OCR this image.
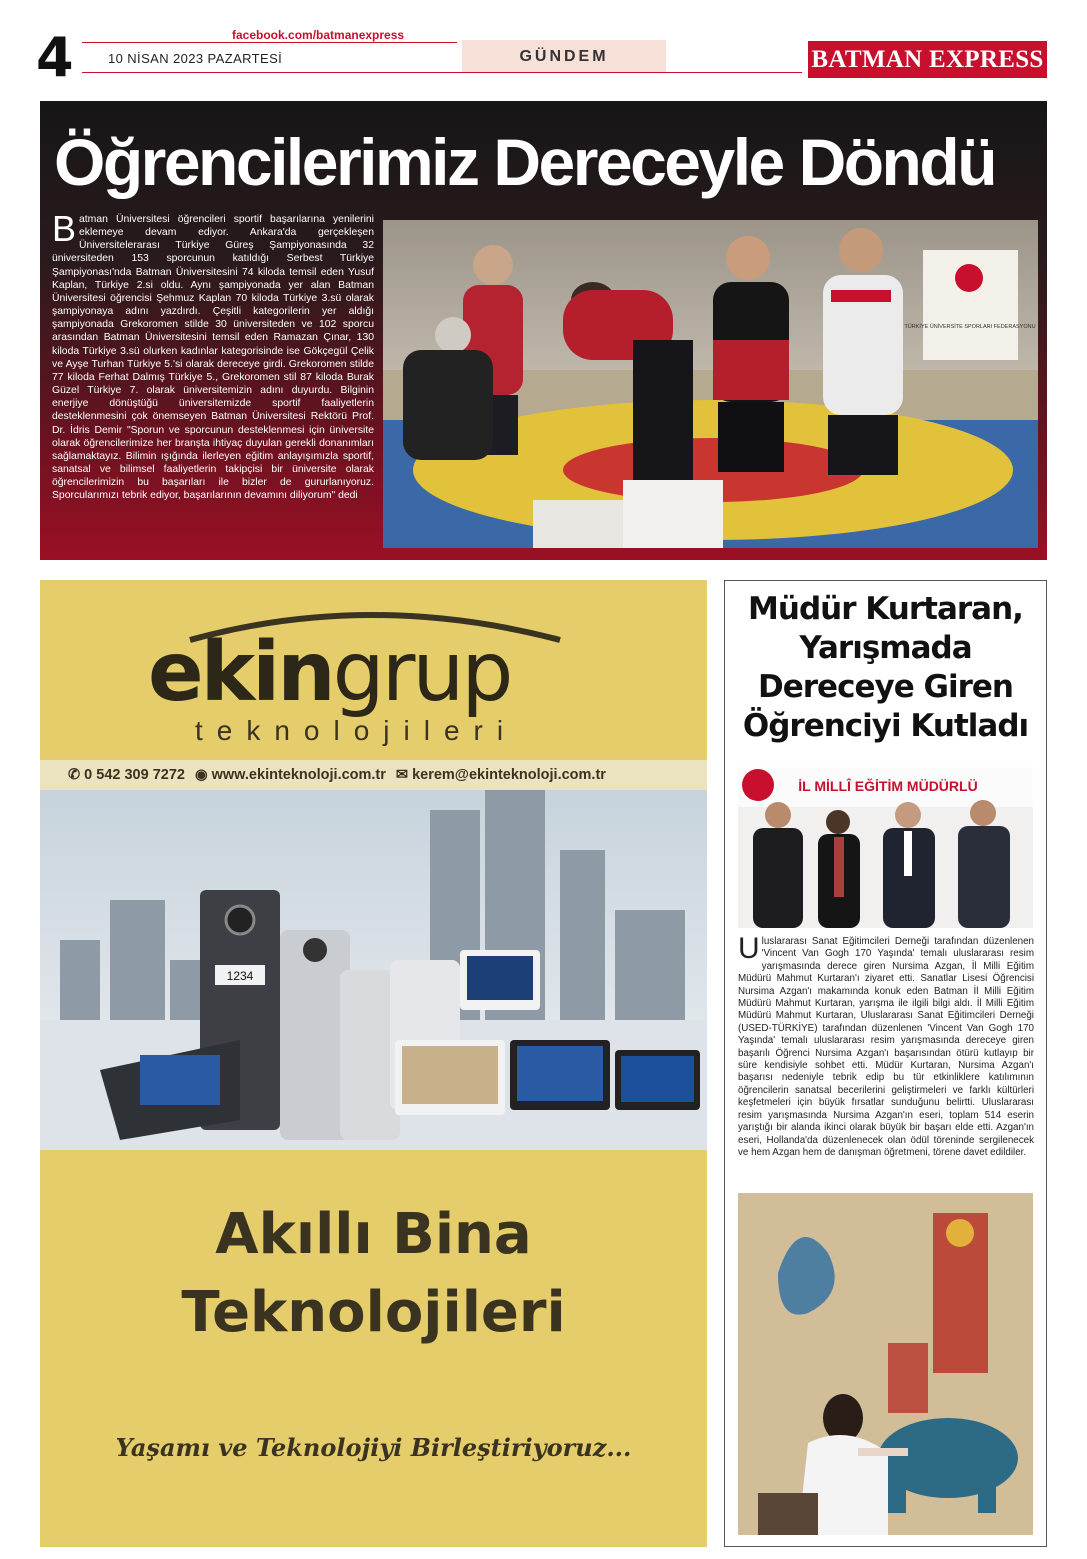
4	facebook.com/batmanexpress
10 NİSAN 2023 PAZARTESİ	GÜNDEM	BATMAN EXPRESS
Öğrencilerimiz Dereceyle Döndü
Batman Üniversitesi öğrencileri sportif başarılarına yenilerini eklemeye devam ediyor. Ankara'da gerçekleşen Üniversitelerarası Türkiye Güreş Şampiyonasında 32 üniversiteden 153 sporcunun katıldığı Serbest Türkiye Şampiyonası'nda Batman Üniversitesini 74 kiloda temsil eden Yusuf Kaplan, Türkiye 2.si oldu. Aynı şampiyonada yer alan Batman Üniversitesi öğrencisi Şehmuz Kaplan 70 kiloda Türkiye 3.sü olarak şampiyonaya adını yazdırdı. Çeşitli kategorilerin yer aldığı şampiyonada Grekoromen stilde 30 üniversiteden ve 102 sporcu arasından Batman Üniversitesini temsil eden Ramazan Çınar, 130 kiloda Türkiye 3.sü olurken kadınlar kategorisinde ise Gökçegül Çelik ve Ayşe Turhan Türkiye 5.'si olarak dereceye girdi. Grekoromen stilde 77 kiloda Ferhat Dalmış Türkiye 5., Grekoromen stil 87 kiloda Burak Güzel Türkiye 7. olarak üniversitemizin adını duyurdu. Bilginin enerjiye dönüştüğü üniversitemizde sportif faaliyetlerin desteklenmesini çok önemseyen Batman Üniversitesi Rektörü Prof. Dr. İdris Demir "Sporun ve sporcunun desteklenmesi için üniversite olarak öğrencilerimize her branşta ihtiyaç duyulan gerekli donanımları sağlamaktayız. Bilimin ışığında ilerleyen eğitim anlayışımızla sportif, sanatsal ve bilimsel faaliyetlerin takipçisi bir üniversite olarak öğrencilerimizin bu başarıları ile bizler de gururlanıyoruz. Sporcularımızı tebrik ediyor, başarılarının devamını diliyorum" dedi
TÜRKİYE ÜNİVERSİTE SPORLARI FEDERASYONU
ekingrup
teknolojileri
✆ 0 542 309 7272 ◉ www.ekinteknoloji.com.tr ✉ kerem@ekinteknoloji.com.tr
1234
Akıllı Bina
Teknolojileri
Yaşamı ve Teknolojiyi Birleştiriyoruz...
Müdür Kurtaran, Yarışmada Dereceye Giren Öğrenciyi Kutladı
İL MİLLÎ EĞİTİM MÜDÜRLÜ
Uluslararası Sanat Eğitimcileri Derneği tarafından düzenlenen 'Vincent Van Gogh 170 Yaşında' temalı uluslararası resim yarışmasında derece giren Nursima Azgan, İl Milli Eğitim Müdürü Mahmut Kurtaran'ı ziyaret etti. Sanatlar Lisesi Öğrencisi Nursima Azgan'ı makamında konuk eden Batman İl Milli Eğitim Müdürü Mahmut Kurtaran, yarışma ile ilgili bilgi aldı. İl Milli Eğitim Müdürü Mahmut Kurtaran, Uluslararası Sanat Eğitimcileri Derneği (USED-TÜRKİYE) tarafından düzenlenen 'Vincent Van Gogh 170 Yaşında' temalı uluslararası resim yarışmasında dereceye giren başarılı Öğrenci Nursima Azgan'ı başarısından ötürü kutlayıp bir süre kendisiyle sohbet etti. Müdür Kurtaran, Nursima Azgan'ı başarısı nedeniyle tebrik edip bu tür etkinliklere katılımının öğrencilerin sanatsal becerilerini geliştirmeleri ve farklı kültürleri keşfetmeleri için büyük fırsatlar sunduğunu belirtti. Uluslararası resim yarışmasında Nursima Azgan'ın eseri, toplam 514 eserin yarıştığı bir alanda ikinci olarak büyük bir başarı elde etti. Azgan'ın eseri, Hollanda'da düzenlenecek olan ödül töreninde sergilenecek ve hem Azgan hem de danışman öğretmeni, törene davet edildiler.
